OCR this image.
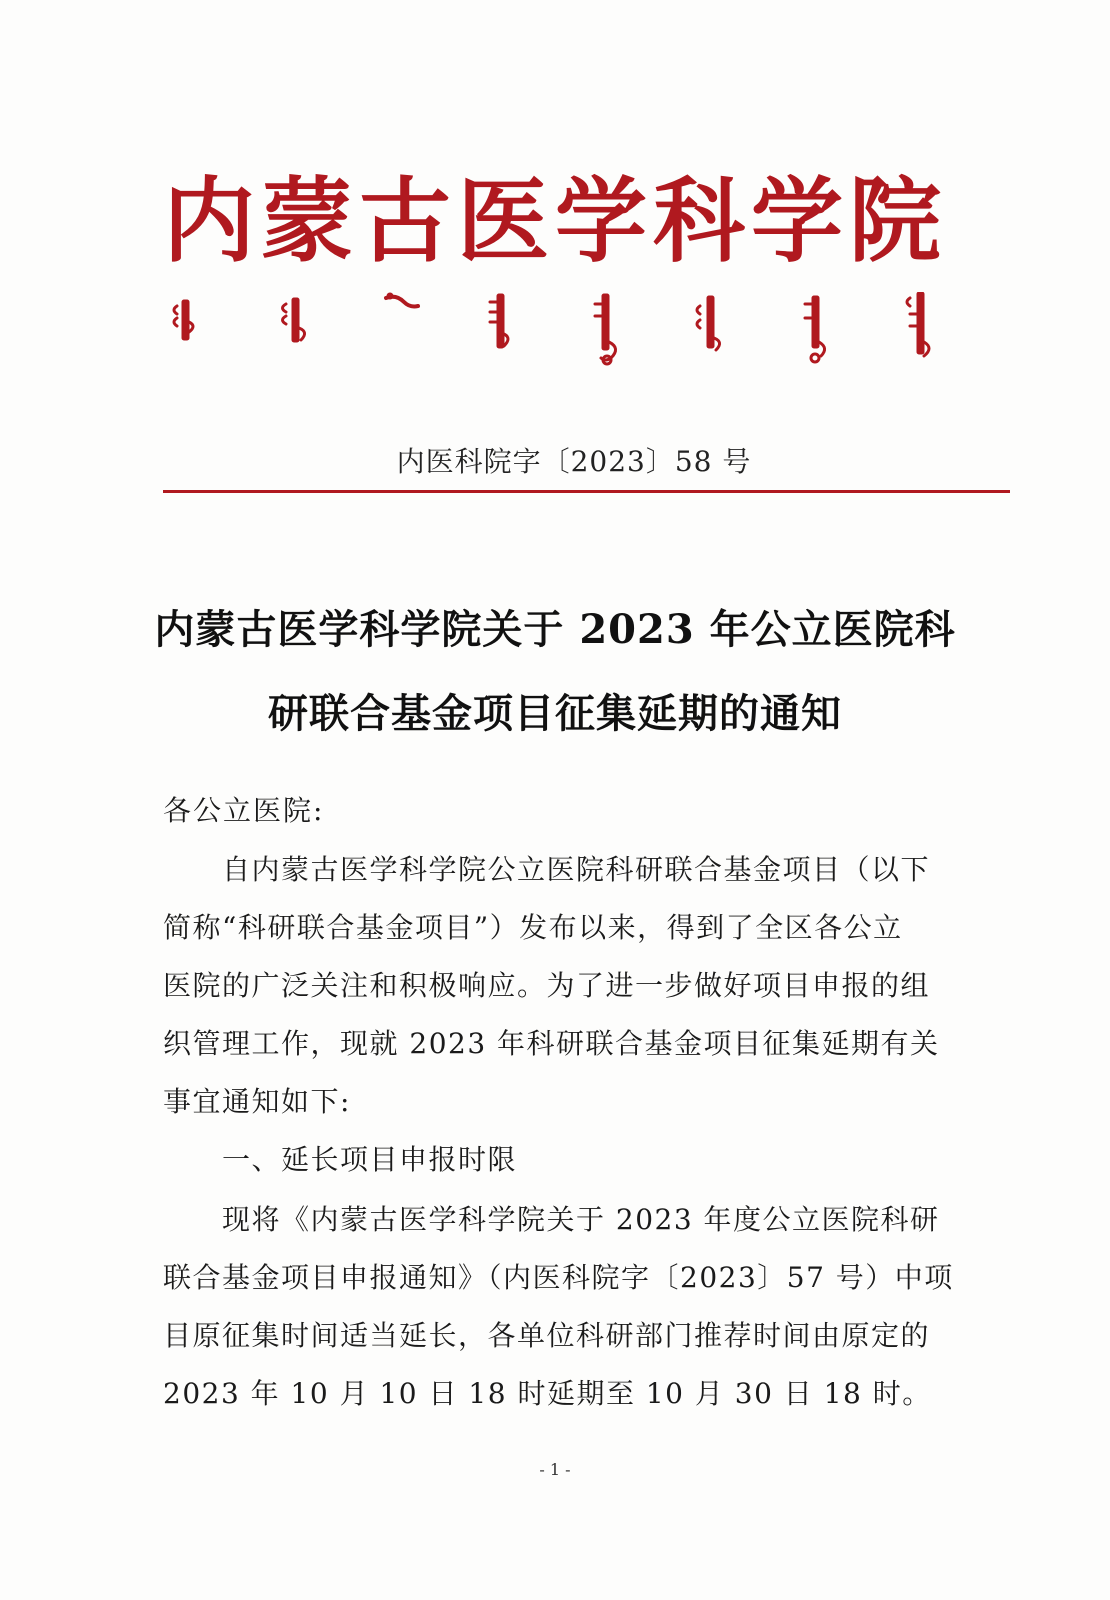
内蒙古医学科学院
内医科院字〔2023〕58 号
内蒙古医学科学院关于 2023 年公立医院科
研联合基金项目征集延期的通知
各公立医院:
自内蒙古医学科学院公立医院科研联合基金项目（以下
简称“科研联合基金项目”）发布以来，得到了全区各公立
医院的广泛关注和积极响应。为了进一步做好项目申报的组
织管理工作，现就 2023 年科研联合基金项目征集延期有关
事宜通知如下:
一、延长项目申报时限
现将《内蒙古医学科学院关于 2023 年度公立医院科研
联合基金项目申报通知》（内医科院字〔2023〕57 号）中项
目原征集时间适当延长，各单位科研部门推荐时间由原定的
2023 年 10 月 10 日 18 时延期至 10 月 30 日 18 时。
- 1 -
